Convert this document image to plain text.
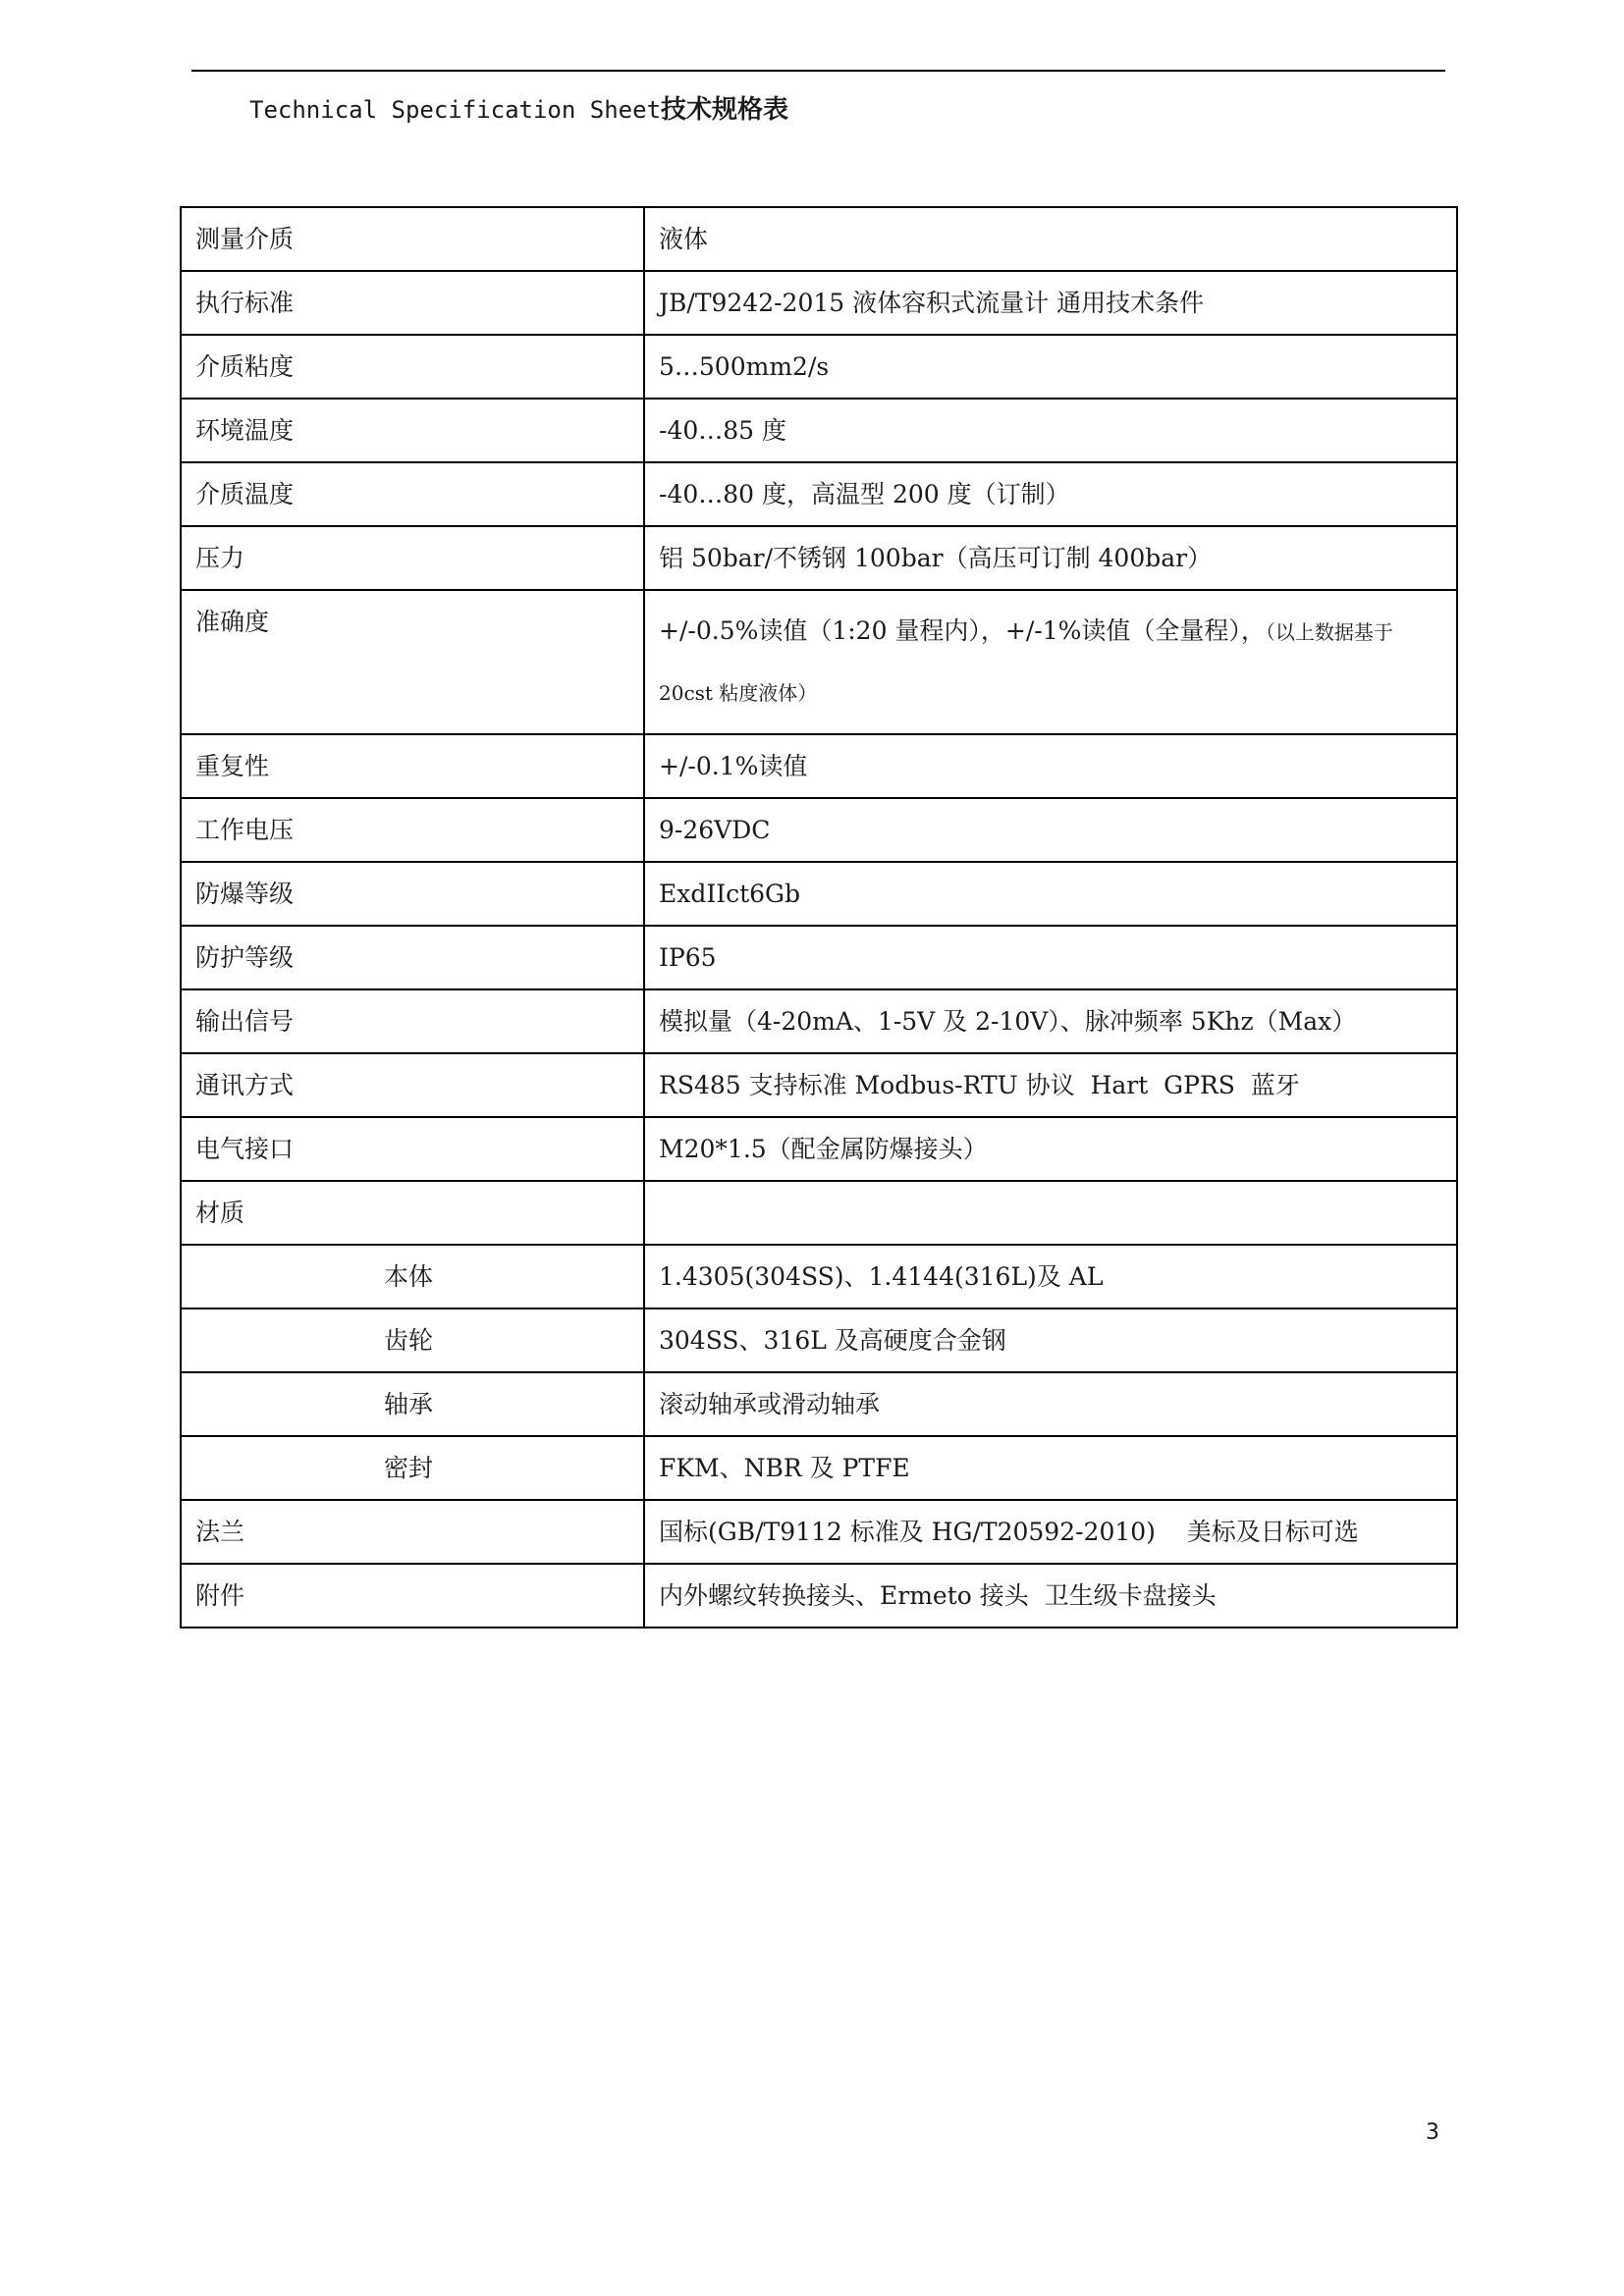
Technical Specification Sheet技术规格表
测量介质	液体
执行标准	JB/T9242-2015 液体容积式流量计 通用技术条件
介质粘度	5…500mm2/s
环境温度	-40…85 度
介质温度	-40…80 度，高温型 200 度（订制）
压力	铝 50bar/不锈钢 100bar（高压可订制 400bar）
准确度	+/-0.5%读值（1:20 量程内），+/-1%读值（全量程），（以上数据基于
20cst 粘度液体）

重复性	+/-0.1%读值
工作电压	9-26VDC
防爆等级	ExdIIct6Gb
防护等级	IP65
输出信号	模拟量（4-20mA、1-5V 及 2-10V）、脉冲频率 5Khz（Max）
通讯方式	RS485 支持标准 Modbus-RTU 协议  Hart  GPRS  蓝牙
电气接口	M20*1.5（配金属防爆接头）
材质	
本体	1.4305(304SS)、1.4144(316L)及 AL
齿轮	304SS、316L 及高硬度合金钢
轴承	滚动轴承或滑动轴承
密封	FKM、NBR 及 PTFE
法兰	国标(GB/T9112 标准及 HG/T20592-2010)    美标及日标可选
附件	内外螺纹转换接头、Ermeto 接头  卫生级卡盘接头
3
